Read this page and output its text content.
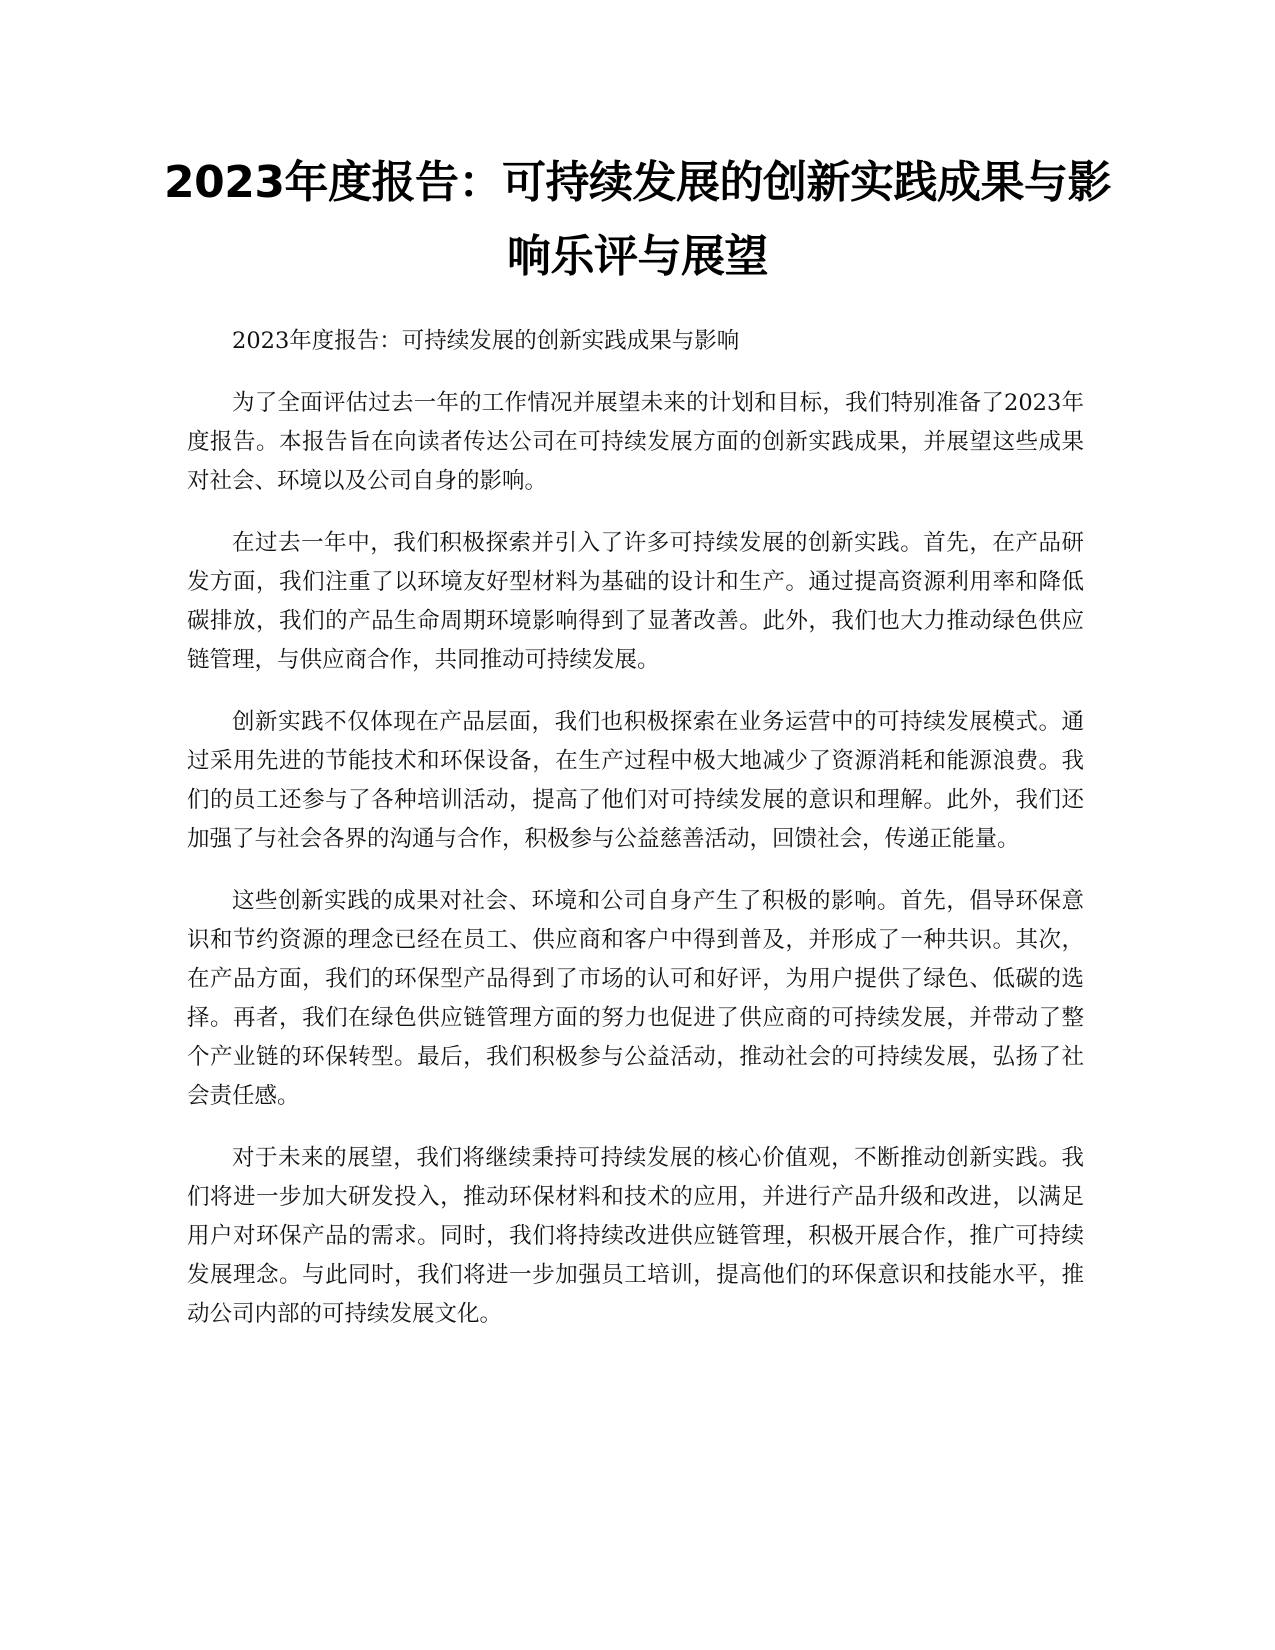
2023年度报告：可持续发展的创新实践成果与影响乐评与展望

2023年度报告：可持续发展的创新实践成果与影响

为了全面评估过去一年的工作情况并展望未来的计划和目标，我们特别准备了2023年度报告。本报告旨在向读者传达公司在可持续发展方面的创新实践成果，并展望这些成果对社会、环境以及公司自身的影响。

在过去一年中，我们积极探索并引入了许多可持续发展的创新实践。首先，在产品研发方面，我们注重了以环境友好型材料为基础的设计和生产。通过提高资源利用率和降低碳排放，我们的产品生命周期环境影响得到了显著改善。此外，我们也大力推动绿色供应链管理，与供应商合作，共同推动可持续发展。

创新实践不仅体现在产品层面，我们也积极探索在业务运营中的可持续发展模式。通过采用先进的节能技术和环保设备，在生产过程中极大地减少了资源消耗和能源浪费。我们的员工还参与了各种培训活动，提高了他们对可持续发展的意识和理解。此外，我们还加强了与社会各界的沟通与合作，积极参与公益慈善活动，回馈社会，传递正能量。

这些创新实践的成果对社会、环境和公司自身产生了积极的影响。首先，倡导环保意识和节约资源的理念已经在员工、供应商和客户中得到普及，并形成了一种共识。其次，在产品方面，我们的环保型产品得到了市场的认可和好评，为用户提供了绿色、低碳的选择。再者，我们在绿色供应链管理方面的努力也促进了供应商的可持续发展，并带动了整个产业链的环保转型。最后，我们积极参与公益活动，推动社会的可持续发展，弘扬了社会责任感。

对于未来的展望，我们将继续秉持可持续发展的核心价值观，不断推动创新实践。我们将进一步加大研发投入，推动环保材料和技术的应用，并进行产品升级和改进，以满足用户对环保产品的需求。同时，我们将持续改进供应链管理，积极开展合作，推广可持续发展理念。与此同时，我们将进一步加强员工培训，提高他们的环保意识和技能水平，推动公司内部的可持续发展文化。
